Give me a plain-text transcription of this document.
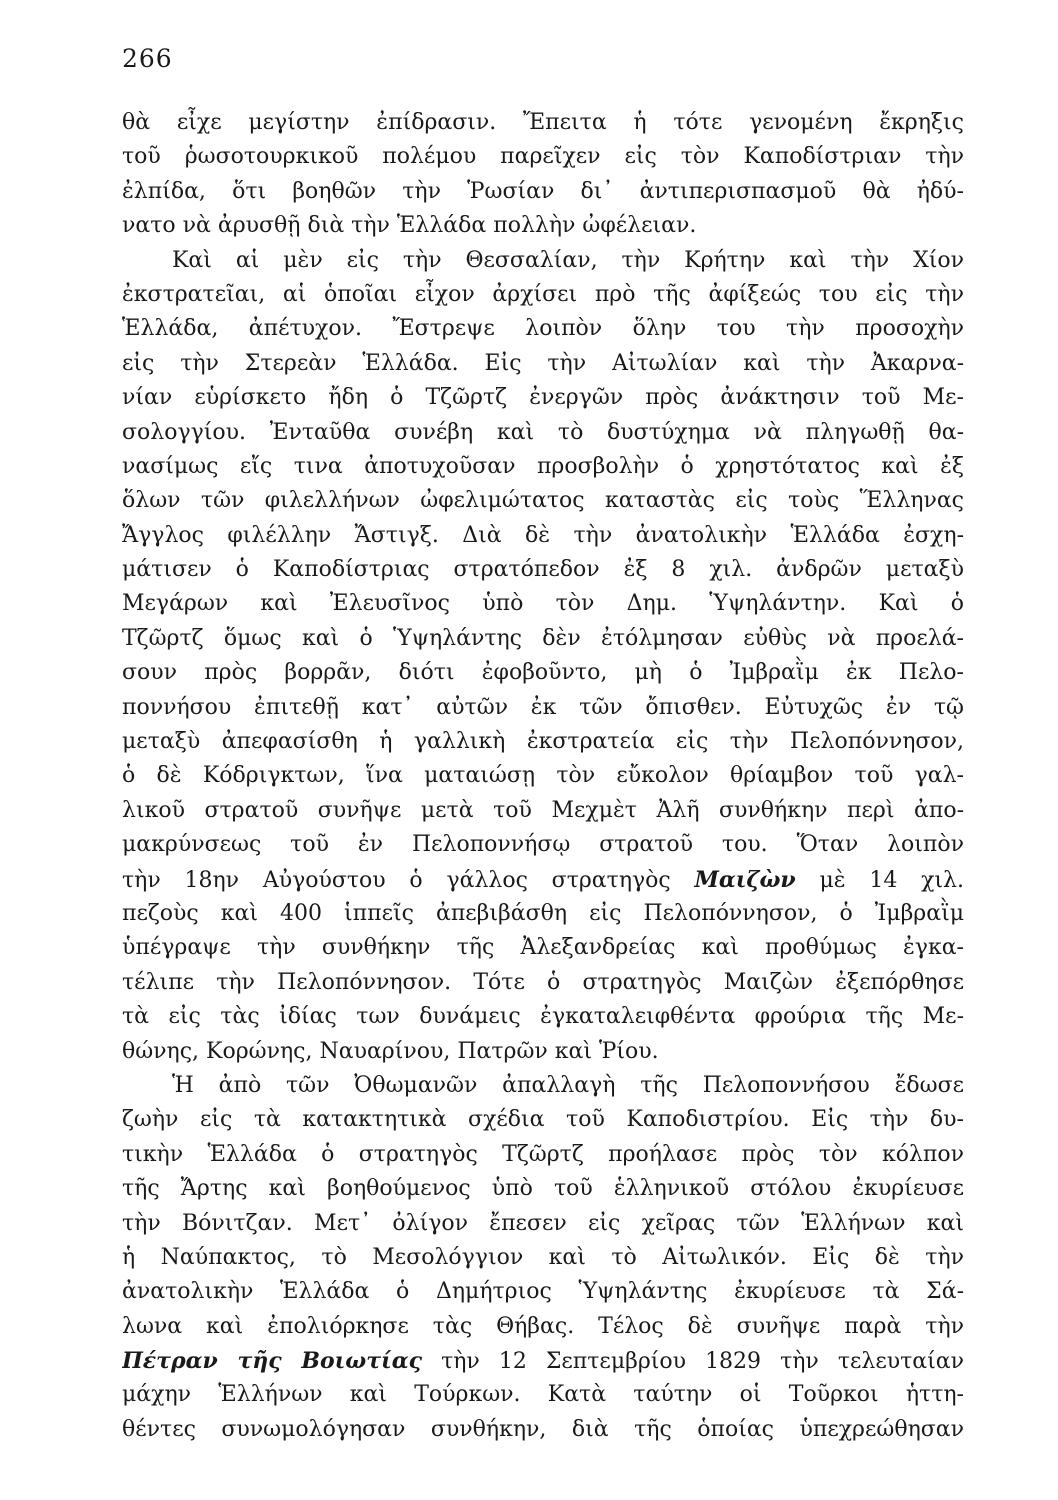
266
θὰ εἶχε μεγίστην ἐπίδρασιν. Ἔπειτα ἡ τότε γενομένη ἔκρηξις
τοῦ ῥωσοτουρκικοῦ πολέμου παρεῖχεν εἰς τὸν Καποδίστριαν τὴν
ἐλπίδα, ὅτι βοηθῶν τὴν Ῥωσίαν δι᾿ ἀντιπερισπασμοῦ θὰ ἠδύ-
νατο νὰ ἀρυσθῇ διὰ τὴν Ἑλλάδα πολλὴν ὠφέλειαν.
Καὶ αἱ μὲν εἰς τὴν Θεσσαλίαν, τὴν Κρήτην καὶ τὴν Χίον
ἐκστρατεῖαι, αἱ ὁποῖαι εἶχον ἀρχίσει πρὸ τῆς ἀφίξεώς του εἰς τὴν
Ἑλλάδα, ἀπέτυχον. Ἔστρεψε λοιπὸν ὅλην του τὴν προσοχὴν
εἰς τὴν Στερεὰν Ἑλλάδα. Εἰς τὴν Αἰτωλίαν καὶ τὴν Ἀκαρνα-
νίαν εὑρίσκετο ἤδη ὁ Τζῶρτζ ἐνεργῶν πρὸς ἀνάκτησιν τοῦ Με-
σολογγίου. Ἐνταῦθα συνέβη καὶ τὸ δυστύχημα νὰ πληγωθῇ θα-
νασίμως εἴς τινα ἀποτυχοῦσαν προσβολὴν ὁ χρηστότατος καὶ ἐξ
ὅλων τῶν φιλελλήνων ὠφελιμώτατος καταστὰς εἰς τοὺς Ἕλληνας
Ἄγγλος φιλέλλην Ἄστιγξ. Διὰ δὲ τὴν ἀνατολικὴν Ἑλλάδα ἐσχη-
μάτισεν ὁ Καποδίστριας στρατόπεδον ἐξ 8 χιλ. ἀνδρῶν μεταξὺ
Μεγάρων καὶ Ἐλευσῖνος ὑπὸ τὸν Δημ. Ὑψηλάντην. Καὶ ὁ
Τζῶρτζ ὅμως καὶ ὁ Ὑψηλάντης δὲν ἐτόλμησαν εὐθὺς νὰ προελά-
σουν πρὸς βορρᾶν, διότι ἐφοβοῦντο, μὴ ὁ Ἰμβραῒμ ἐκ Πελο-
ποννήσου ἐπιτεθῇ κατ᾿ αὐτῶν ἐκ τῶν ὄπισθεν. Εὐτυχῶς ἐν τῷ
μεταξὺ ἀπεφασίσθη ἡ γαλλικὴ ἐκστρατεία εἰς τὴν Πελοπόννησον,
ὁ δὲ Κόδριγκτων, ἵνα ματαιώσῃ τὸν εὔκολον θρίαμβον τοῦ γαλ-
λικοῦ στρατοῦ συνῆψε μετὰ τοῦ Μεχμὲτ Ἀλῆ συνθήκην περὶ ἀπο-
μακρύνσεως τοῦ ἐν Πελοποννήσῳ στρατοῦ του. Ὅταν λοιπὸν
τὴν 18ην Αὐγούστου ὁ γάλλος στρατηγὸς Μαιζὼν μὲ 14 χιλ.
πεζοὺς καὶ 400 ἱππεῖς ἀπεβιβάσθη εἰς Πελοπόννησον, ὁ Ἰμβραῒμ
ὑπέγραψε τὴν συνθήκην τῆς Ἀλεξανδρείας καὶ προθύμως ἐγκα-
τέλιπε τὴν Πελοπόννησον. Τότε ὁ στρατηγὸς Μαιζὼν ἐξεπόρθησε
τὰ εἰς τὰς ἰδίας των δυνάμεις ἐγκαταλειφθέντα φρούρια τῆς Με-
θώνης, Κορώνης, Ναυαρίνου, Πατρῶν καὶ Ῥίου.
Ἡ ἀπὸ τῶν Ὀθωμανῶν ἀπαλλαγὴ τῆς Πελοποννήσου ἔδωσε
ζωὴν εἰς τὰ κατακτητικὰ σχέδια τοῦ Καποδιστρίου. Εἰς τὴν δυ-
τικὴν Ἑλλάδα ὁ στρατηγὸς Τζῶρτζ προήλασε πρὸς τὸν κόλπον
τῆς Ἄρτης καὶ βοηθούμενος ὑπὸ τοῦ ἑλληνικοῦ στόλου ἐκυρίευσε
τὴν Βόνιτζαν. Μετ᾿ ὀλίγον ἔπεσεν εἰς χεῖρας τῶν Ἑλλήνων καὶ
ἡ Ναύπακτος, τὸ Μεσολόγγιον καὶ τὸ Αἰτωλικόν. Εἰς δὲ τὴν
ἀνατολικὴν Ἑλλάδα ὁ Δημήτριος Ὑψηλάντης ἐκυρίευσε τὰ Σά-
λωνα καὶ ἐπολιόρκησε τὰς Θήβας. Τέλος δὲ συνῆψε παρὰ τὴν
Πέτραν τῆς Βοιωτίας τὴν 12 Σεπτεμβρίου 1829 τὴν τελευταίαν
μάχην Ἑλλήνων καὶ Τούρκων. Κατὰ ταύτην οἱ Τοῦρκοι ἡττη-
θέντες συνωμολόγησαν συνθήκην, διὰ τῆς ὁποίας ὑπεχρεώθησαν
